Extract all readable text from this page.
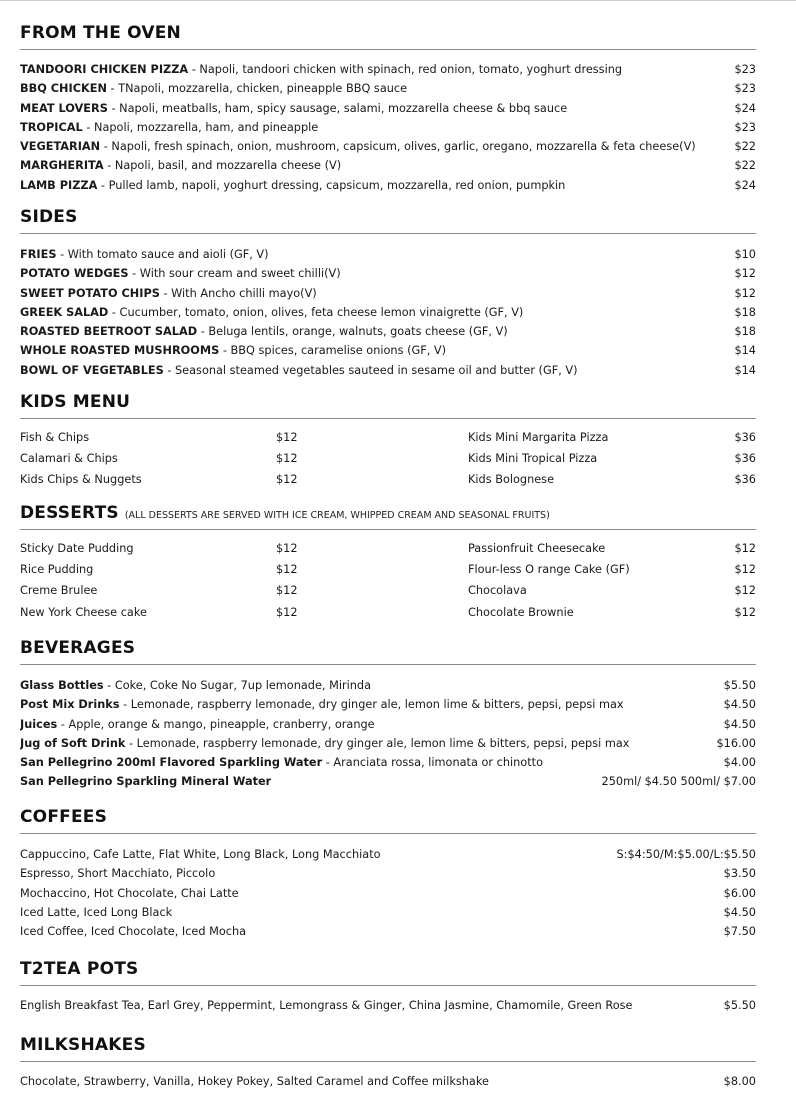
FROM THE OVEN
TANDOORI CHICKEN PIZZA - Napoli, tandoori chicken with spinach, red onion, tomato, yoghurt dressing	$23
BBQ CHICKEN - TNapoli, mozzarella, chicken, pineapple BBQ sauce	$23
MEAT LOVERS - Napoli, meatballs, ham, spicy sausage, salami, mozzarella cheese & bbq sauce	$24
TROPICAL - Napoli, mozzarella, ham, and pineapple	$23
VEGETARIAN - Napoli, fresh spinach, onion, mushroom, capsicum, olives, garlic, oregano, mozzarella & feta cheese(V)	$22
MARGHERITA - Napoli, basil, and mozzarella cheese (V)	$22
LAMB PIZZA - Pulled lamb, napoli, yoghurt dressing, capsicum, mozzarella, red onion, pumpkin	$24
SIDES
FRIES - With tomato sauce and aioli (GF, V)	$10
POTATO WEDGES - With sour cream and sweet chilli(V)	$12
SWEET POTATO CHIPS - With Ancho chilli mayo(V)	$12
GREEK SALAD - Cucumber, tomato, onion, olives, feta cheese lemon vinaigrette (GF, V)	$18
ROASTED BEETROOT SALAD - Beluga lentils, orange, walnuts, goats cheese (GF, V)	$18
WHOLE ROASTED MUSHROOMS - BBQ spices, caramelise onions (GF, V)	$14
BOWL OF VEGETABLES - Seasonal steamed vegetables sauteed in sesame oil and butter (GF, V)	$14
KIDS MENU
Fish & Chips	$12	Kids Mini Margarita Pizza	$36
Calamari & Chips	$12	Kids Mini Tropical Pizza	$36
Kids Chips & Nuggets	$12	Kids Bolognese	$36
DESSERTS (ALL DESSERTS ARE SERVED WITH ICE CREAM, WHIPPED CREAM AND SEASONAL FRUITS)
Sticky Date Pudding	$12	Passionfruit Cheesecake	$12
Rice Pudding	$12	Flour-less O range Cake (GF)	$12
Creme Brulee	$12	Chocolava	$12
New York Cheese cake	$12	Chocolate Brownie	$12
BEVERAGES
Glass Bottles - Coke, Coke No Sugar, 7up lemonade, Mirinda	$5.50
Post Mix Drinks - Lemonade, raspberry lemonade, dry ginger ale, lemon lime & bitters, pepsi, pepsi max	$4.50
Juices - Apple, orange & mango, pineapple, cranberry, orange	$4.50
Jug of Soft Drink - Lemonade, raspberry lemonade, dry ginger ale, lemon lime & bitters, pepsi, pepsi max	$16.00
San Pellegrino 200ml Flavored Sparkling Water - Aranciata rossa, limonata or chinotto	$4.00
San Pellegrino Sparkling Mineral Water	250ml/ $4.50 500ml/ $7.00
COFFEES
Cappuccino, Cafe Latte, Flat White, Long Black, Long Macchiato	S:$4:50/M:$5.00/L:$5.50
Espresso, Short Macchiato, Piccolo	$3.50
Mochaccino, Hot Chocolate, Chai Latte	$6.00
Iced Latte, Iced Long Black	$4.50
Iced Coffee, Iced Chocolate, Iced Mocha	$7.50
T2TEA POTS
English Breakfast Tea, Earl Grey, Peppermint, Lemongrass & Ginger, China Jasmine, Chamomile, Green Rose	$5.50
MILKSHAKES
Chocolate, Strawberry, Vanilla, Hokey Pokey, Salted Caramel and Coffee milkshake	$8.00
